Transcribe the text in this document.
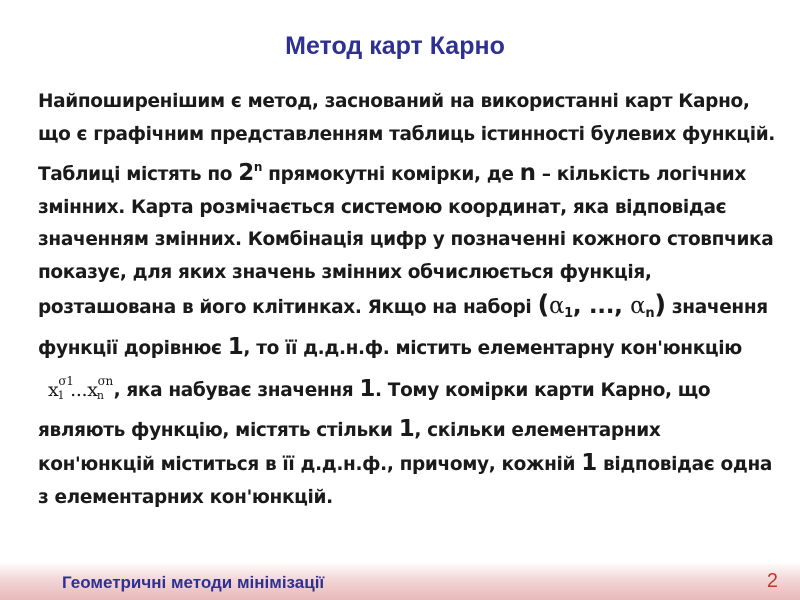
Метод карт Карно
Найпоширенішим є метод, заснований на використанні карт Карно, що є графічним представленням таблиць істинності булевих функцій. Таблиці містять по 2$^n$ прямокутні комірки, де n – кількість логічних змінних. Карта розмічається системою координат, яка відповідає значенням змінних. Комбінація цифр у позначенні кожного стовпчика показує, для яких значень змінних обчислюється функція, розташована в його клітинках. Якщо на наборі ($\alpha_1$, ..., $\alpha_n$) значення функції дорівнює 1, то її д.д.н.ф. містить елементарну кон'юнкцію $x^{\sigma 1}1$ $...x^{\sigma n}n$ , яка набуває значення 1. Тому комірки карти Карно, що являють функцію, містять стільки 1, скільки елементарних кон'юнкцій міститься в її д.д.н.ф., причому, кожній 1 відповідає одна з елементарних кон'юнкцій.
Геометричні методи мінімізації	2
